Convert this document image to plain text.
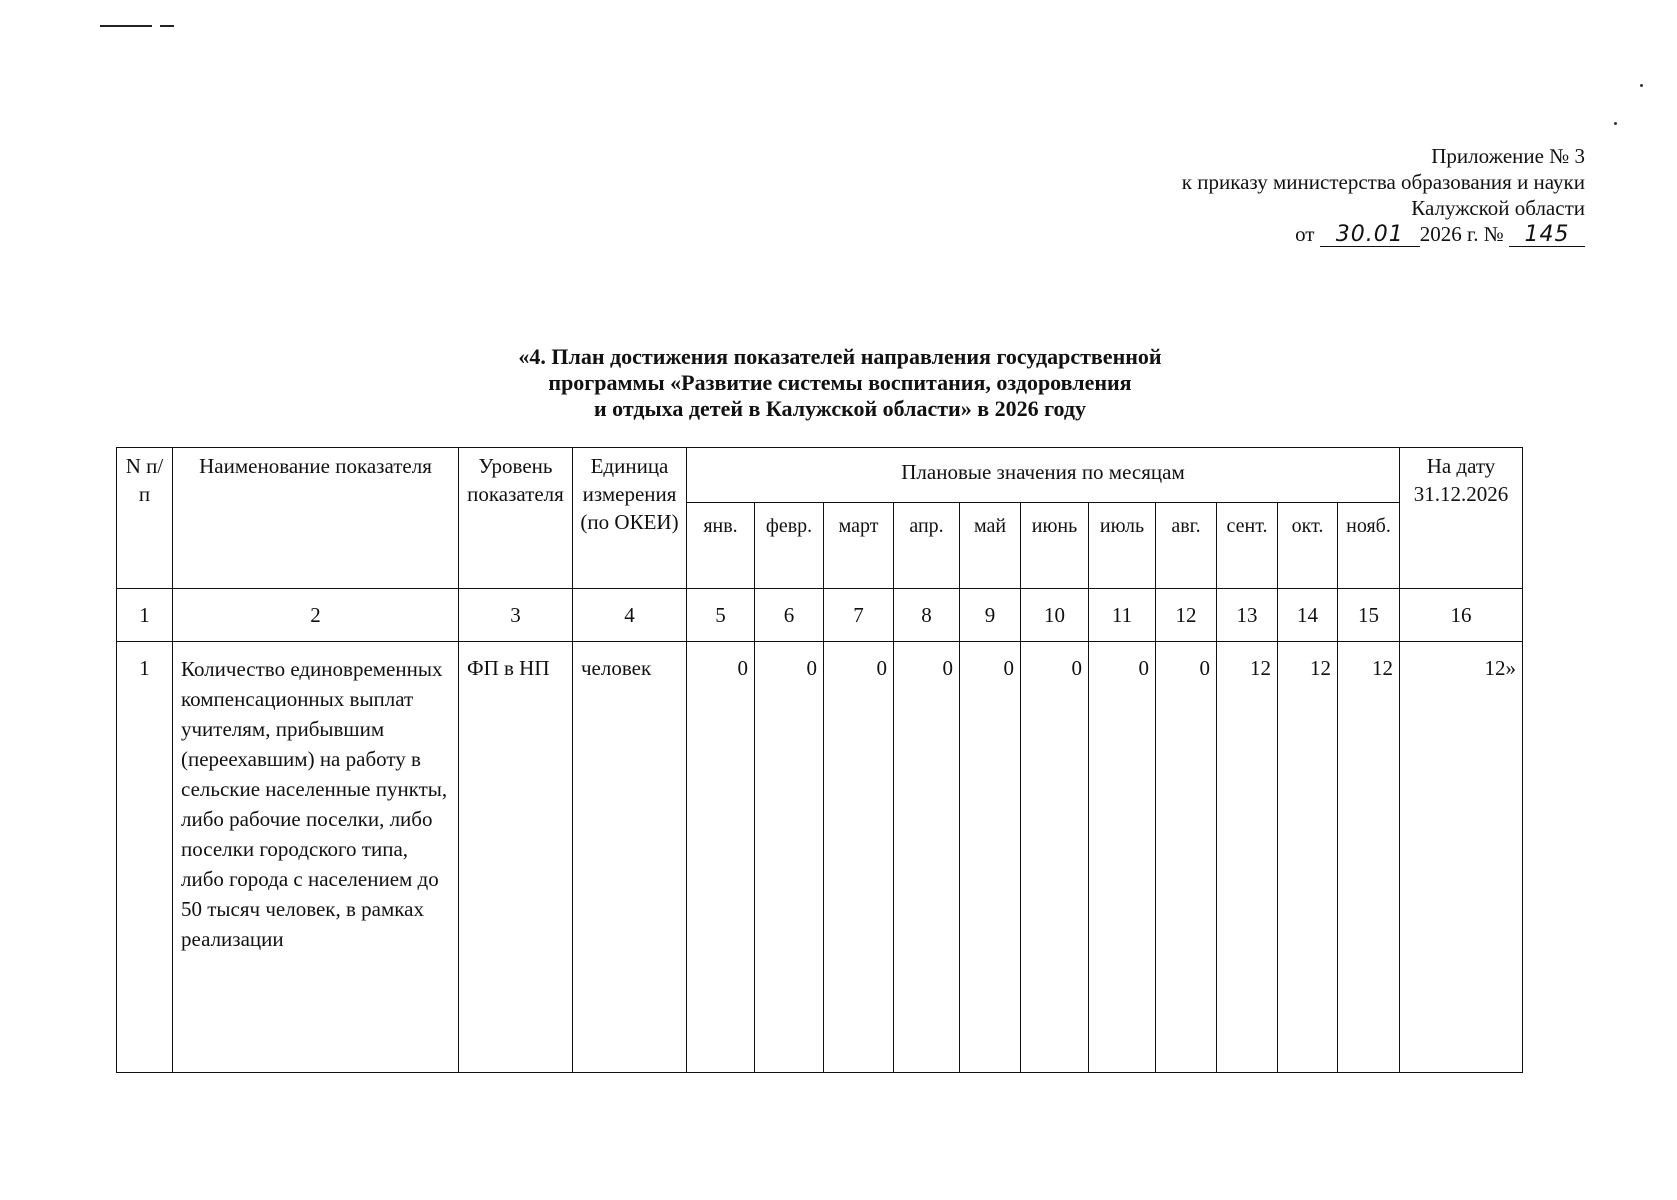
Приложение № 3
к приказу министерства образования и науки
Калужской области
от 30.01 2026 г. № 145
«4. План достижения показателей направления государственной
программы «Развитие системы воспитания, оздоровления
и отдыха детей в Калужской области» в 2026 году
N п/п	Наименование показателя	Уровень показателя	Единица измерения (по ОКЕИ)	Плановые значения по месяцам											На дату 31.12.2026
				янв.	февр.	март	апр.	май	июнь	июль	авг.	сент.	окт.	нояб.	
1	2	3	4	5	6	7	8	9	10	11	12	13	14	15	16
1	Количество единовременных компенсационных выплат учителям, прибывшим (переехавшим) на работу в сельские населенные пункты, либо рабочие поселки, либо поселки городского типа, либо города с населением до 50 тысяч человек, в рамках реализации	ФП в НП	человек	0	0	0	0	0	0	0	0	12	12	12	12»
